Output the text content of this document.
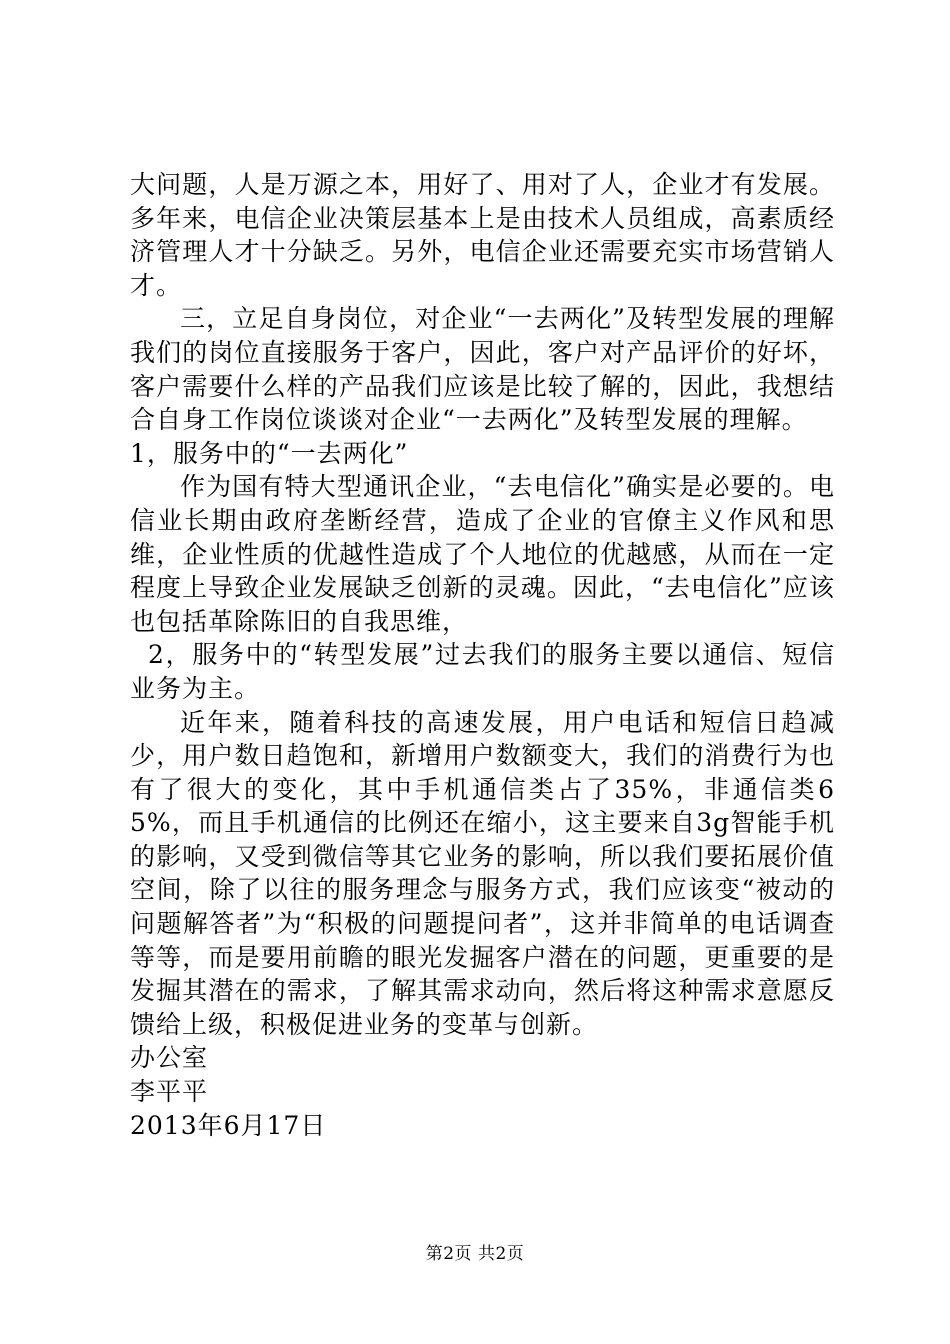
大问题，人是万源之本，用好了、用对了人，企业才有发展。多年来，电信企业决策层基本上是由技术人员组成，高素质经济管理人才十分缺乏。另外，电信企业还需要充实市场营销人才。

三，立足自身岗位，对企业“一去两化”及转型发展的理解我们的岗位直接服务于客户，因此，客户对产品评价的好坏，客户需要什么样的产品我们应该是比较了解的，因此，我想结合自身工作岗位谈谈对企业“一去两化”及转型发展的理解。

1，服务中的“一去两化”

作为国有特大型通讯企业，“去电信化”确实是必要的。电信业长期由政府垄断经营，造成了企业的官僚主义作风和思维，企业性质的优越性造成了个人地位的优越感，从而在一定程度上导致企业发展缺乏创新的灵魂。因此，“去电信化”应该也包括革除陈旧的自我思维，

2，服务中的“转型发展”过去我们的服务主要以通信、短信业务为主。

近年来，随着科技的高速发展，用户电话和短信日趋减少，用户数日趋饱和，新增用户数额变大，我们的消费行为也有了很大的变化，其中手机通信类占了35%，非通信类65%，而且手机通信的比例还在缩小，这主要来自3g智能手机的影响，又受到微信等其它业务的影响，所以我们要拓展价值空间，除了以往的服务理念与服务方式，我们应该变“被动的问题解答者”为“积极的问题提问者”，这并非简单的电话调查等等，而是要用前瞻的眼光发掘客户潜在的问题，更重要的是发掘其潜在的需求，了解其需求动向，然后将这种需求意愿反馈给上级，积极促进业务的变革与创新。

办公室

李平平

2013年6月17日

第2页 共2页
